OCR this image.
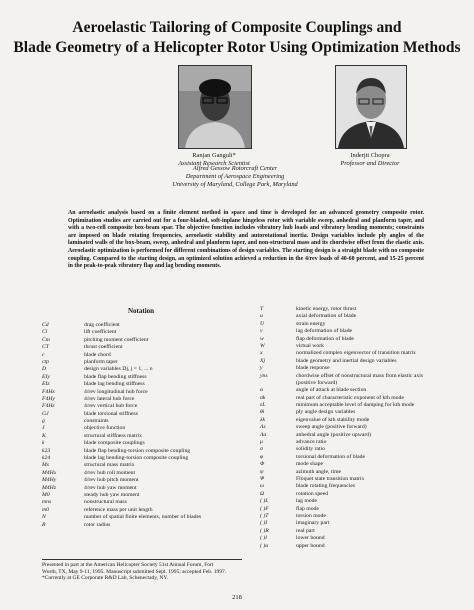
Aeroelastic Tailoring of Composite Couplings and
Blade Geometry of a Helicopter Rotor Using Optimization Methods
Ranjan Ganguli*
Assistant Research Scientist
Inderjit Chopra
Professor and Director
Alfred Gessow Rotorcraft Center
Department of Aerospace Engineering
University of Maryland, College Park, Maryland
An aeroelastic analysis based on a finite element method in space and time is developed for an advanced geometry composite rotor. Optimization studies are carried out for a four-bladed, soft-inplane hingeless rotor with variable sweep, anhedral and planform taper, and with a two-cell composite box-beam spar. The objective function includes vibratory hub loads and vibratory bending moments; constraints are imposed on blade rotating frequencies, aeroelastic stability and autorotational inertia. Design variables include ply angles of the laminated walls of the box-beam, sweep, anhedral and planform taper, and non-structural mass and its chordwise offset from the elastic axis. Aeroelastic optimization is performed for different combinations of design variables. The starting design is a straight blade with no composite coupling. Compared to the starting design, an optimized solution achieved a reduction in the 4/rev loads of 40-60 percent, and 15-25 percent in the peak-to-peak vibratory flap and lag bending moments.
Notation
Cd	drag coefficient
Cl	lift coefficient
Cm	pitching moment coefficient
CT	thrust coefficient
c	blade chord
ctp	planform taper
D	design variables Dj, j = 1, ... n
EIy	blade flap bending stiffness
EIz	blade lag bending stiffness
F4Hx	4/rev longitudinal hub force
F4Hy	4/rev lateral hub force
F4Hz	4/rev vertical hub force
GJ	blade torsional stiffness
g	constraints
J	objective function
K	structural stiffness matrix
k	blade composite couplings
k23	blade flap bending-torsion composite coupling
k24	blade lag bending-torsion composite coupling
Ms	structural mass matrix
M4Hx	4/rev hub roll moment
M4Hy	4/rev hub pitch moment
M4Hz	4/rev hub yaw moment
M0	steady hub yaw moment
mns	nonstructural mass
m0	reference mass per unit length
N	number of spatial finite elements, number of blades
R	rotor radius
T	kinetic energy, rotor thrust
u	axial deformation of blade
U	strain energy
v	lag deformation of blade
w	flap deformation of blade
W	virtual work
x	normalized complex eigenvector of transition matrix
Xj	blade geometry and inertial design variables
y	blade response
yns	chordwise offset of nonstructural mass from elastic axis
(positive forward)
α	angle of attack at blade section
σk	real part of characteristic exponent of kth mode
εL	minimum acceptable level of damping for kth mode
θi	ply angle design variables
λk	eigenvalue of kth stability mode
Λs	sweep angle (positive forward)
Λa	anhedral angle (positive upward)
μ	advance ratio
σ	solidity ratio
φ	torsional deformation of blade
Φ	mode shape
ψ	azimuth angle, time
Ψ	Floquet state transition matrix
ω	blade rotating frequencies
Ω	rotation speed
( )L	lag mode
( )F	flap mode
( )T	torsion mode
( )I	imaginary part
( )R	real part
( )l	lower bound
( )u	upper bound
Presented in part at the American Helicopter Society 51st Annual Forum, Fort
Worth, TX, May 9-11, 1995. Manuscript submitted Sept. 1995; accepted Feb. 1997.
*Currently at GE Corporate R&D Lab, Schenectady, NY.
218
